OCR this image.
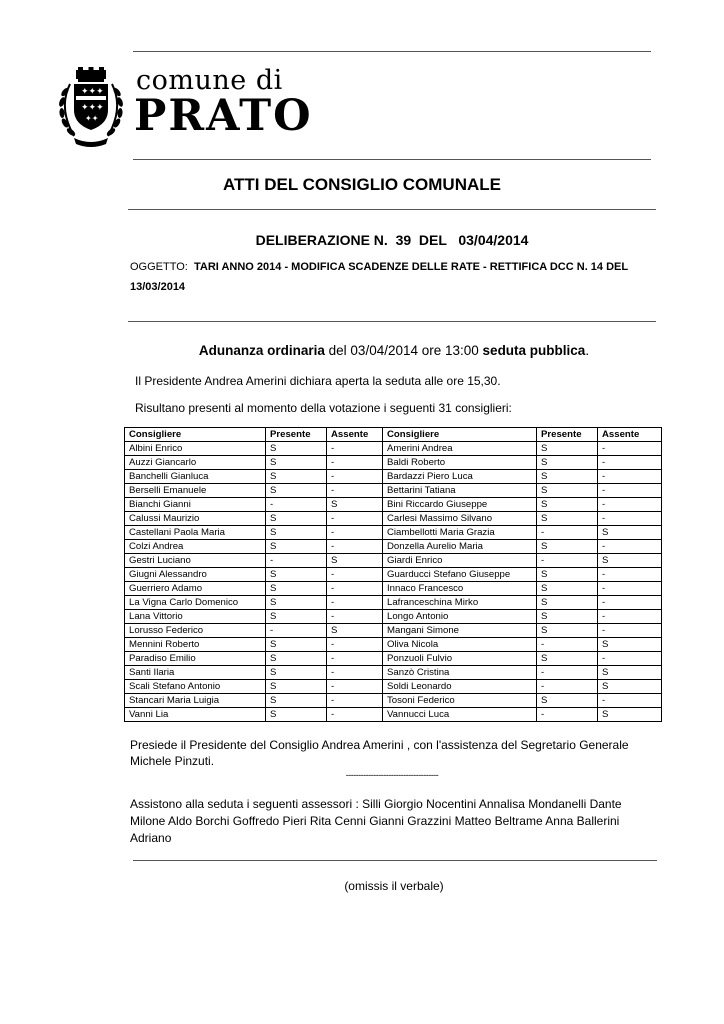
✦✦✦
✦✦✦
✦✦
comune di
PRATO
ATTI DEL CONSIGLIO COMUNALE
DELIBERAZIONE N.  39  DEL   03/04/2014
OGGETTO: TARI ANNO 2014 - MODIFICA SCADENZE DELLE RATE - RETTIFICA DCC N. 14 DEL 13/03/2014
Adunanza ordinaria del 03/04/2014 ore 13:00 seduta pubblica.
Il Presidente Andrea Amerini dichiara aperta la seduta alle ore 15,30.
Risultano presenti al momento della votazione i seguenti 31 consiglieri:
Consigliere	Presente	Assente	Consigliere	Presente	Assente
Albini Enrico	S	-	Amerini Andrea	S	-
Auzzi Giancarlo	S	-	Baldi Roberto	S	-
Banchelli Gianluca	S	-	Bardazzi Piero Luca	S	-
Berselli Emanuele	S	-	Bettarini Tatiana	S	-
Bianchi Gianni	-	S	Bini Riccardo Giuseppe	S	-
Calussi Maurizio	S	-	Carlesi Massimo Silvano	S	-
Castellani Paola Maria	S	-	Ciambellotti Maria Grazia	-	S
Colzi Andrea	S	-	Donzella Aurelio Maria	S	-
Gestri Luciano	-	S	Giardi Enrico	-	S
Giugni Alessandro	S	-	Guarducci Stefano Giuseppe	S	-
Guerriero Adamo	S	-	Innaco Francesco	S	-
La Vigna Carlo Domenico	S	-	Lafranceschina Mirko	S	-
Lana Vittorio	S	-	Longo Antonio	S	-
Lorusso Federico	-	S	Mangani Simone	S	-
Mennini Roberto	S	-	Oliva Nicola	-	S
Paradiso Emilio	S	-	Ponzuoli Fulvio	S	-
Santi Ilaria	S	-	Sanzò Cristina	-	S
Scali Stefano Antonio	S	-	Soldi Leonardo	-	S
Stancari Maria Luigia	S	-	Tosoni Federico	S	-
Vanni Lia	S	-	Vannucci Luca	-	S
Presiede il Presidente del Consiglio Andrea Amerini , con l'assistenza del Segretario Generale
Michele Pinzuti.
-------------------------------------
Assistono alla seduta i seguenti assessori : Silli Giorgio Nocentini Annalisa Mondanelli Dante
Milone Aldo Borchi Goffredo Pieri Rita Cenni Gianni Grazzini Matteo Beltrame Anna Ballerini
Adriano
(omissis il verbale)
